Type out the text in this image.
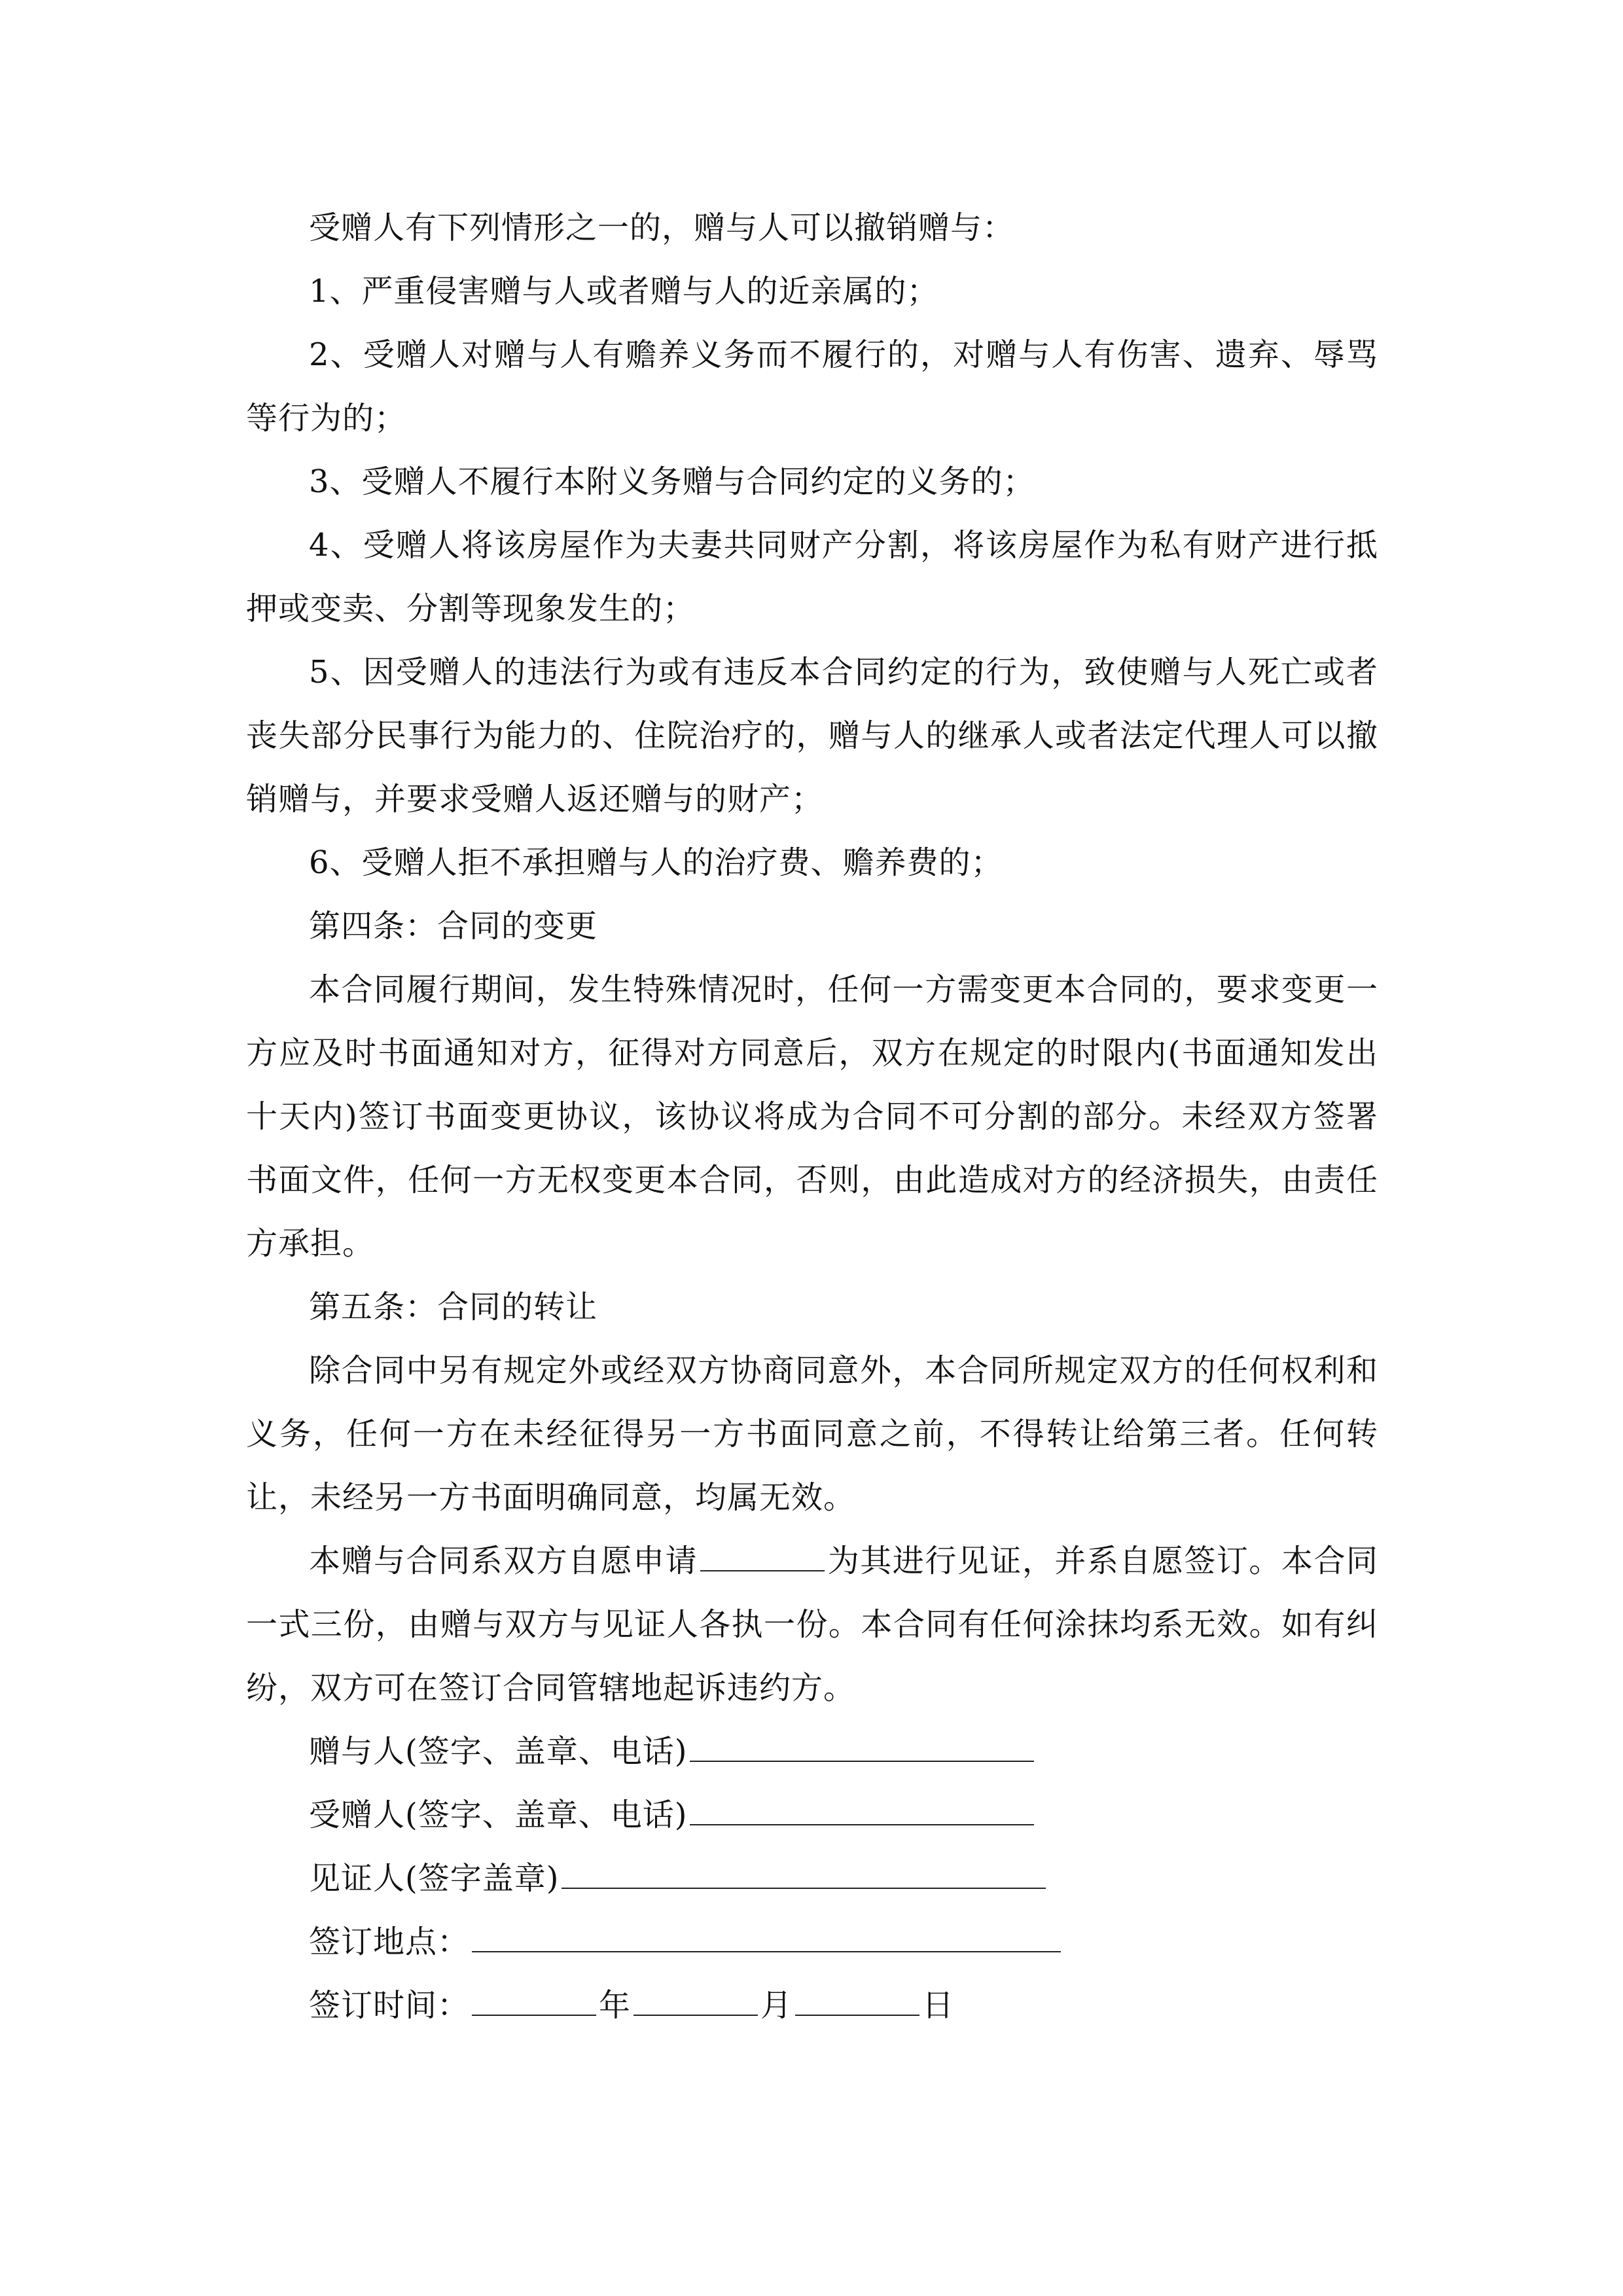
受赠人有下列情形之一的，赠与人可以撤销赠与：

1、严重侵害赠与人或者赠与人的近亲属的；

2、受赠人对赠与人有赡养义务而不履行的，对赠与人有伤害、遗弃、辱骂等行为的；

3、受赠人不履行本附义务赠与合同约定的义务的；

4、受赠人将该房屋作为夫妻共同财产分割，将该房屋作为私有财产进行抵押或变卖、分割等现象发生的；

5、因受赠人的违法行为或有违反本合同约定的行为，致使赠与人死亡或者丧失部分民事行为能力的、住院治疗的，赠与人的继承人或者法定代理人可以撤销赠与，并要求受赠人返还赠与的财产；

6、受赠人拒不承担赠与人的治疗费、赡养费的；

第四条：合同的变更

本合同履行期间，发生特殊情况时，任何一方需变更本合同的，要求变更一方应及时书面通知对方，征得对方同意后，双方在规定的时限内(书面通知发出十天内)签订书面变更协议，该协议将成为合同不可分割的部分。未经双方签署书面文件，任何一方无权变更本合同，否则，由此造成对方的经济损失，由责任方承担。

第五条：合同的转让

除合同中另有规定外或经双方协商同意外，本合同所规定双方的任何权利和义务，任何一方在未经征得另一方书面同意之前，不得转让给第三者。任何转让，未经另一方书面明确同意，均属无效。

本赠与合同系双方自愿申请	为其进行见证，并系自愿签订。本合同一式三份，由赠与双方与见证人各执一份。本合同有任何涂抹均系无效。如有纠纷，双方可在签订合同管辖地起诉违约方。

赠与人(签字、盖章、电话)
受赠人(签字、盖章、电话)
见证人(签字盖章)
签订地点：
签订时间：	年	月	日
